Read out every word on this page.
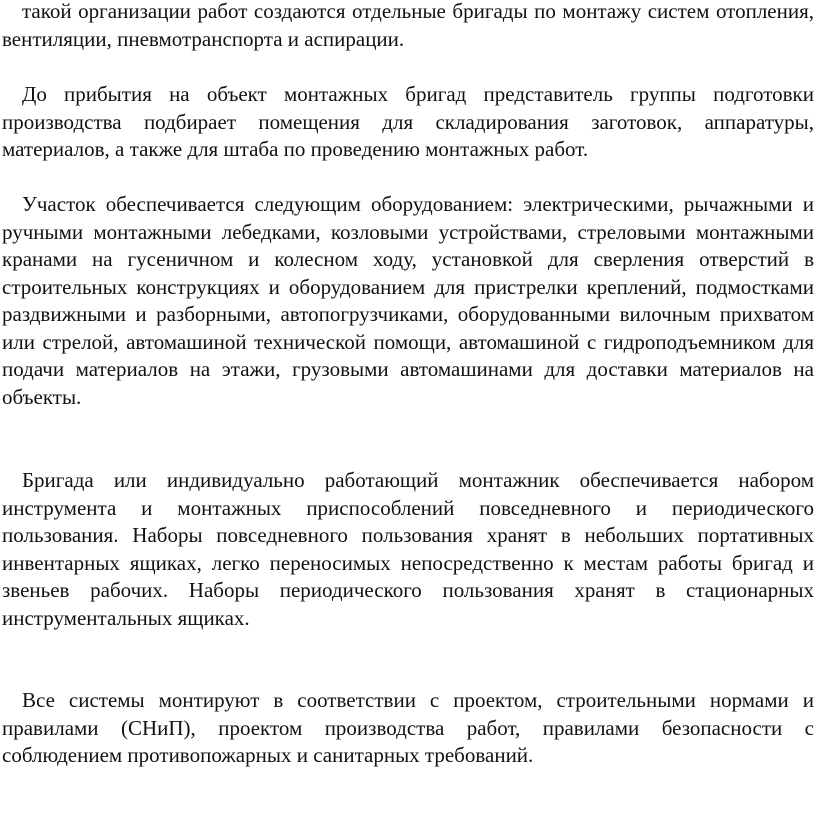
такой организации работ создаются отдельные бригады по монтажу систем отопления, вентиляции, пневмотранспорта и аспирации.

До прибытия на объект монтажных бригад представитель группы подготовки производства подбирает помещения для складирования заготовок, аппаратуры, материалов, а также для штаба по проведению монтажных работ.

Участок обеспечивается следующим оборудованием: электрическими, рычажными и ручными монтажными лебедками, козловыми устройствами, стреловыми монтажными кранами на гусеничном и колесном ходу, установкой для сверления отверстий в строительных конструкциях и оборудованием для пристрелки креплений, подмостками раздвижными и разборными, автопогрузчиками, оборудованными вилочным прихватом или стрелой, автомашиной технической помощи, автомашиной с гидроподъемником для подачи материалов на этажи, грузовыми автомашинами для доставки материалов на объекты.

Бригада или индивидуально работающий монтажник обеспечивается набором инструмента и монтажных приспособлений повседневного и периодического пользования. Наборы повседневного пользования хранят в небольших портативных инвентарных ящиках, легко переносимых непосредственно к местам работы бригад и звеньев рабочих. Наборы периодического пользования хранят в стационарных инструментальных ящиках.

Все системы монтируют в соответствии с проектом, строительными нормами и правилами (СНиП), проектом производства работ, правилами безопасности с соблюдением противопожарных и санитарных требований.
